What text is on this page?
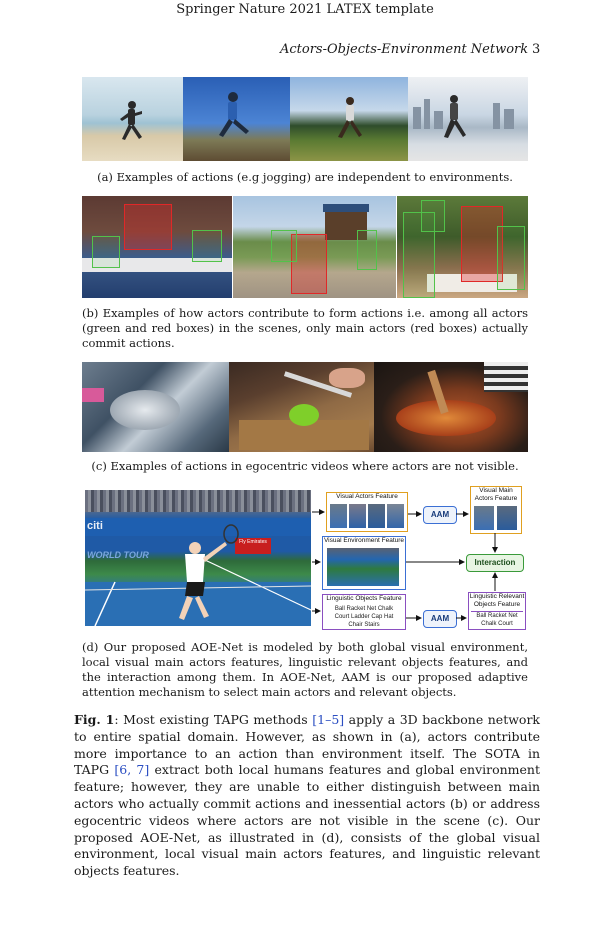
Springer Nature 2021 LATEX template
Actors-Objects-Environment Network 3
(a) Examples of actions (e.g jogging) are independent to environments.
(b) Examples of how actors contribute to form actions i.e. among all actors (green and red boxes) in the scenes, only main actors (red boxes) actually commit actions.
(c) Examples of actions in egocentric videos where actors are not visible.
citi
WORLD TOUR
Fly Emirates
Visual Actors Feature
AAM
Visual Main
Actors Feature
Visual Environment Feature
Interaction
Linguistic Objects Feature
Ball Racket Net Chalk
Court Ladder Cap Hat
Chair Stairs
AAM
Linguistic Relevant
Objects Feature
Ball Racket Net
Chalk Court
(d) Our proposed AOE-Net is modeled by both global visual environment, local visual main actors features, linguistic relevant objects features, and the interaction among them. In AOE-Net, AAM is our proposed adaptive attention mechanism to select main actors and relevant objects.
Fig. 1: Most existing TAPG methods [1–5] apply a 3D backbone network to entire spatial domain. However, as shown in (a), actors contribute more importance to an action than environment itself. The SOTA in TAPG [6, 7] extract both local humans features and global environment feature; however, they are unable to either distinguish between main actors who actually commit actions and inessential actors (b) or address egocentric videos where actors are not visible in the scene (c). Our proposed AOE-Net, as illustrated in (d), consists of the global visual environment, local visual main actors features, and linguistic relevant objects features.
